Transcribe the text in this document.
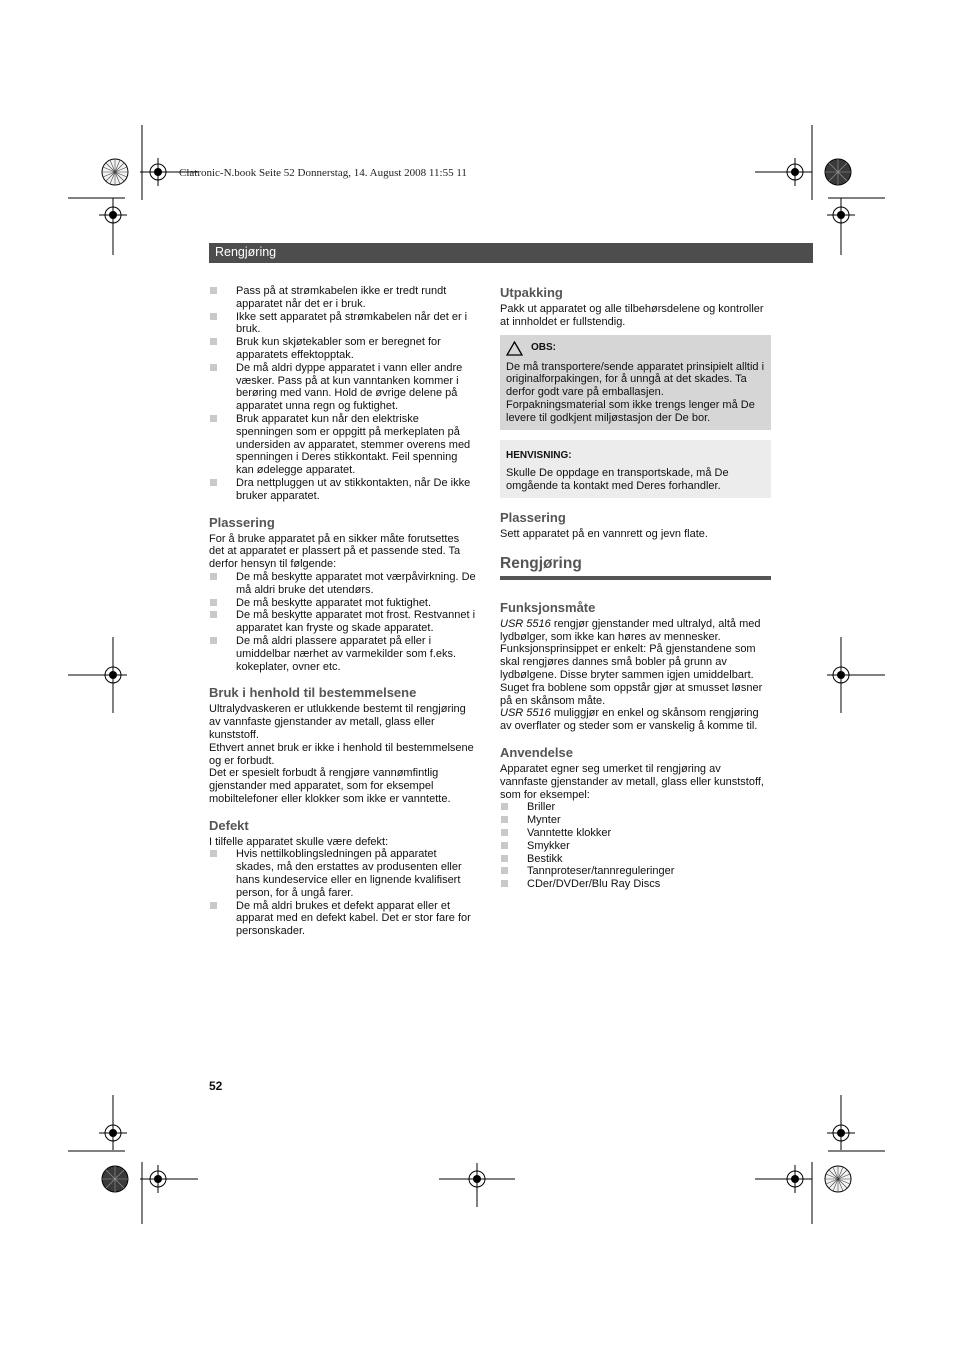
Clatronic-N.book Seite 52 Donnerstag, 14. August 2008 11:55 11
Rengjøring
Pass på at strømkabelen ikke er tredt rundt apparatet når det er i bruk.
Ikke sett apparatet på strømkabelen når det er i bruk.
Bruk kun skjøtekabler som er beregnet for apparatets effektopptak.
De må aldri dyppe apparatet i vann eller andre væsker. Pass på at kun vanntanken kommer i berøring med vann. Hold de øvrige delene på apparatet unna regn og fuktighet.
Bruk apparatet kun når den elektriske spenningen som er oppgitt på merkeplaten på undersiden av apparatet, stemmer overens med spenningen i Deres stikkontakt. Feil spenning kan ødelegge apparatet.
Dra nettpluggen ut av stikkontakten, når De ikke bruker apparatet.
Plassering

For å bruke apparatet på en sikker måte forutsettes det at apparatet er plassert på et passende sted. Ta derfor hensyn til følgende:

De må beskytte apparatet mot værpåvirkning. De må aldri bruke det utendørs.
De må beskytte apparatet mot fuktighet.
De må beskytte apparatet mot frost. Restvannet i apparatet kan fryste og skade apparatet.
De må aldri plassere apparatet på eller i umiddelbar nærhet av varmekilder som f.eks. kokeplater, ovner etc.
Bruk i henhold til bestemmelsene

Ultralydvaskeren er utlukkende bestemt til rengjøring av vannfaste gjenstander av metall, glass eller kunststoff.

Ethvert annet bruk er ikke i henhold til bestemmelsene og er forbudt.

Det er spesielt forbudt å rengjøre vannømfintlig gjenstander med apparatet, som for eksempel mobiltelefoner eller klokker som ikke er vanntette.

Defekt

I tilfelle apparatet skulle være defekt:

Hvis nettilkoblingsledningen på apparatet skades, må den erstattes av produsenten eller hans kundeservice eller en lignende kvalifisert person, for å ungå farer.
De må aldri brukes et defekt apparat eller et apparat med en defekt kabel. Det er stor fare for personskader.
Utpakking

Pakk ut apparatet og alle tilbehørsdelene og kontroller at innholdet er fullstendig.

OBS:

De må transportere/sende apparatet prinsipielt alltid i originalforpakingen, for å unngå at det skades. Ta derfor godt vare på emballasjen. Forpakningsmaterial som ikke trengs lenger må De levere til godkjent miljøstasjon der De bor.

HENVISNING:

Skulle De oppdage en transportskade, må De omgående ta kontakt med Deres forhandler.

Plassering

Sett apparatet på en vannrett og jevn flate.

Rengjøring
Funksjonsmåte

USR 5516 rengjør gjenstander med ultralyd, altå med lydbølger, som ikke kan høres av mennesker. Funksjonsprinsippet er enkelt: På gjenstandene som skal rengjøres dannes små bobler på grunn av lydbølgene. Disse bryter sammen igjen umiddelbart. Suget fra boblene som oppstår gjør at smusset løsner på en skånsom måte.

USR 5516 muliggjør en enkel og skånsom rengjøring av overflater og steder som er vanskelig å komme til.

Anvendelse

Apparatet egner seg umerket til rengjøring av vannfaste gjenstander av metall, glass eller kunststoff, som for eksempel:

Briller
Mynter
Vanntette klokker
Smykker
Bestikk
Tannproteser/tannreguleringer
CDer/DVDer/Blu Ray Discs
52
